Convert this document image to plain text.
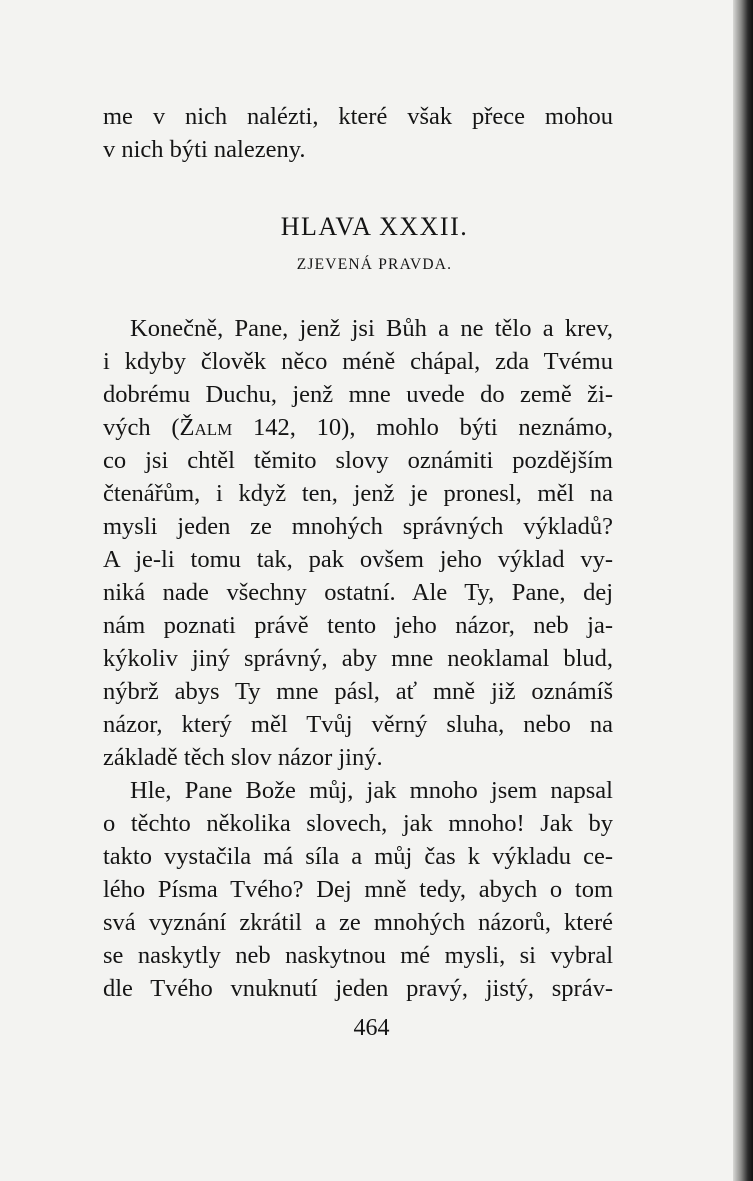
me v nich nalézti, které však přece mohou
v nich býti nalezeny.
HLAVA XXXII.
ZJEVENÁ PRAVDA.
Konečně, Pane, jenž jsi Bůh a ne tělo a krev,
i kdyby člověk něco méně chápal, zda Tvému
dobrému Duchu, jenž mne uvede do země ži-
vých (Žalm 142, 10), mohlo býti neznámo,
co jsi chtěl těmito slovy oznámiti pozdějším
čtenářům, i když ten, jenž je pronesl, měl na
mysli jeden ze mnohých správných výkladů?
A je-li tomu tak, pak ovšem jeho výklad vy-
niká nade všechny ostatní. Ale Ty, Pane, dej
nám poznati právě tento jeho názor, neb ja-
kýkoliv jiný správný, aby mne neoklamal blud,
nýbrž abys Ty mne pásl, ať mně již oznámíš
názor, který měl Tvůj věrný sluha, nebo na
základě těch slov názor jiný.
Hle, Pane Bože můj, jak mnoho jsem napsal
o těchto několika slovech, jak mnoho! Jak by
takto vystačila má síla a můj čas k výkladu ce-
lého Písma Tvého? Dej mně tedy, abych o tom
svá vyznání zkrátil a ze mnohých názorů, které
se naskytly neb naskytnou mé mysli, si vybral
dle Tvého vnuknutí jeden pravý, jistý, správ-
464
